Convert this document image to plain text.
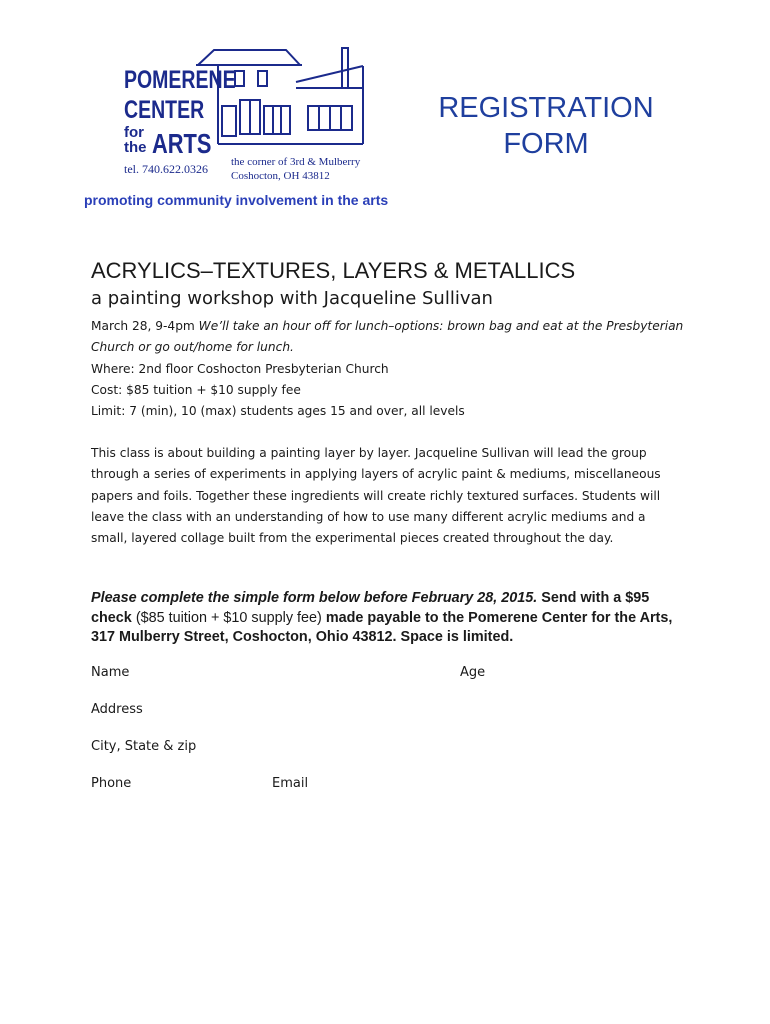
POMERENE
CENTER
for
the ARTS
tel. 740.622.0326 the corner of 3rd & Mulberry
Coshocton, OH 43812
promoting community involvement in the arts
REGISTRATION
FORM
ACRYLICS–TEXTURES, LAYERS & METALLICS
a painting workshop with Jacqueline Sullivan

March 28, 9-4pm We’ll take an hour off for lunch–options: brown bag and eat at the Presbyterian Church or go out/home for lunch.

Where: 2nd floor Coshocton Presbyterian Church

Cost: $85 tuition + $10 supply fee

Limit: 7 (min), 10 (max) students ages 15 and over, all levels

This class is about building a painting layer by layer. Jacqueline Sullivan will lead the group through a series of experiments in applying layers of acrylic paint & mediums, miscellaneous papers and foils. Together these ingredients will create richly textured surfaces. Students will leave the class with an understanding of how to use many different acrylic mediums and a small, layered collage built from the experimental pieces created throughout the day.

Please complete the simple form below before February 28, 2015. Send with a $95 check ($85 tuition + $10 supply fee) made payable to the Pomerene Center for the Arts, 317 Mulberry Street, Coshocton, Ohio 43812. Space is limited.

Name	Age
Address
City, State & zip
Phone	Email
